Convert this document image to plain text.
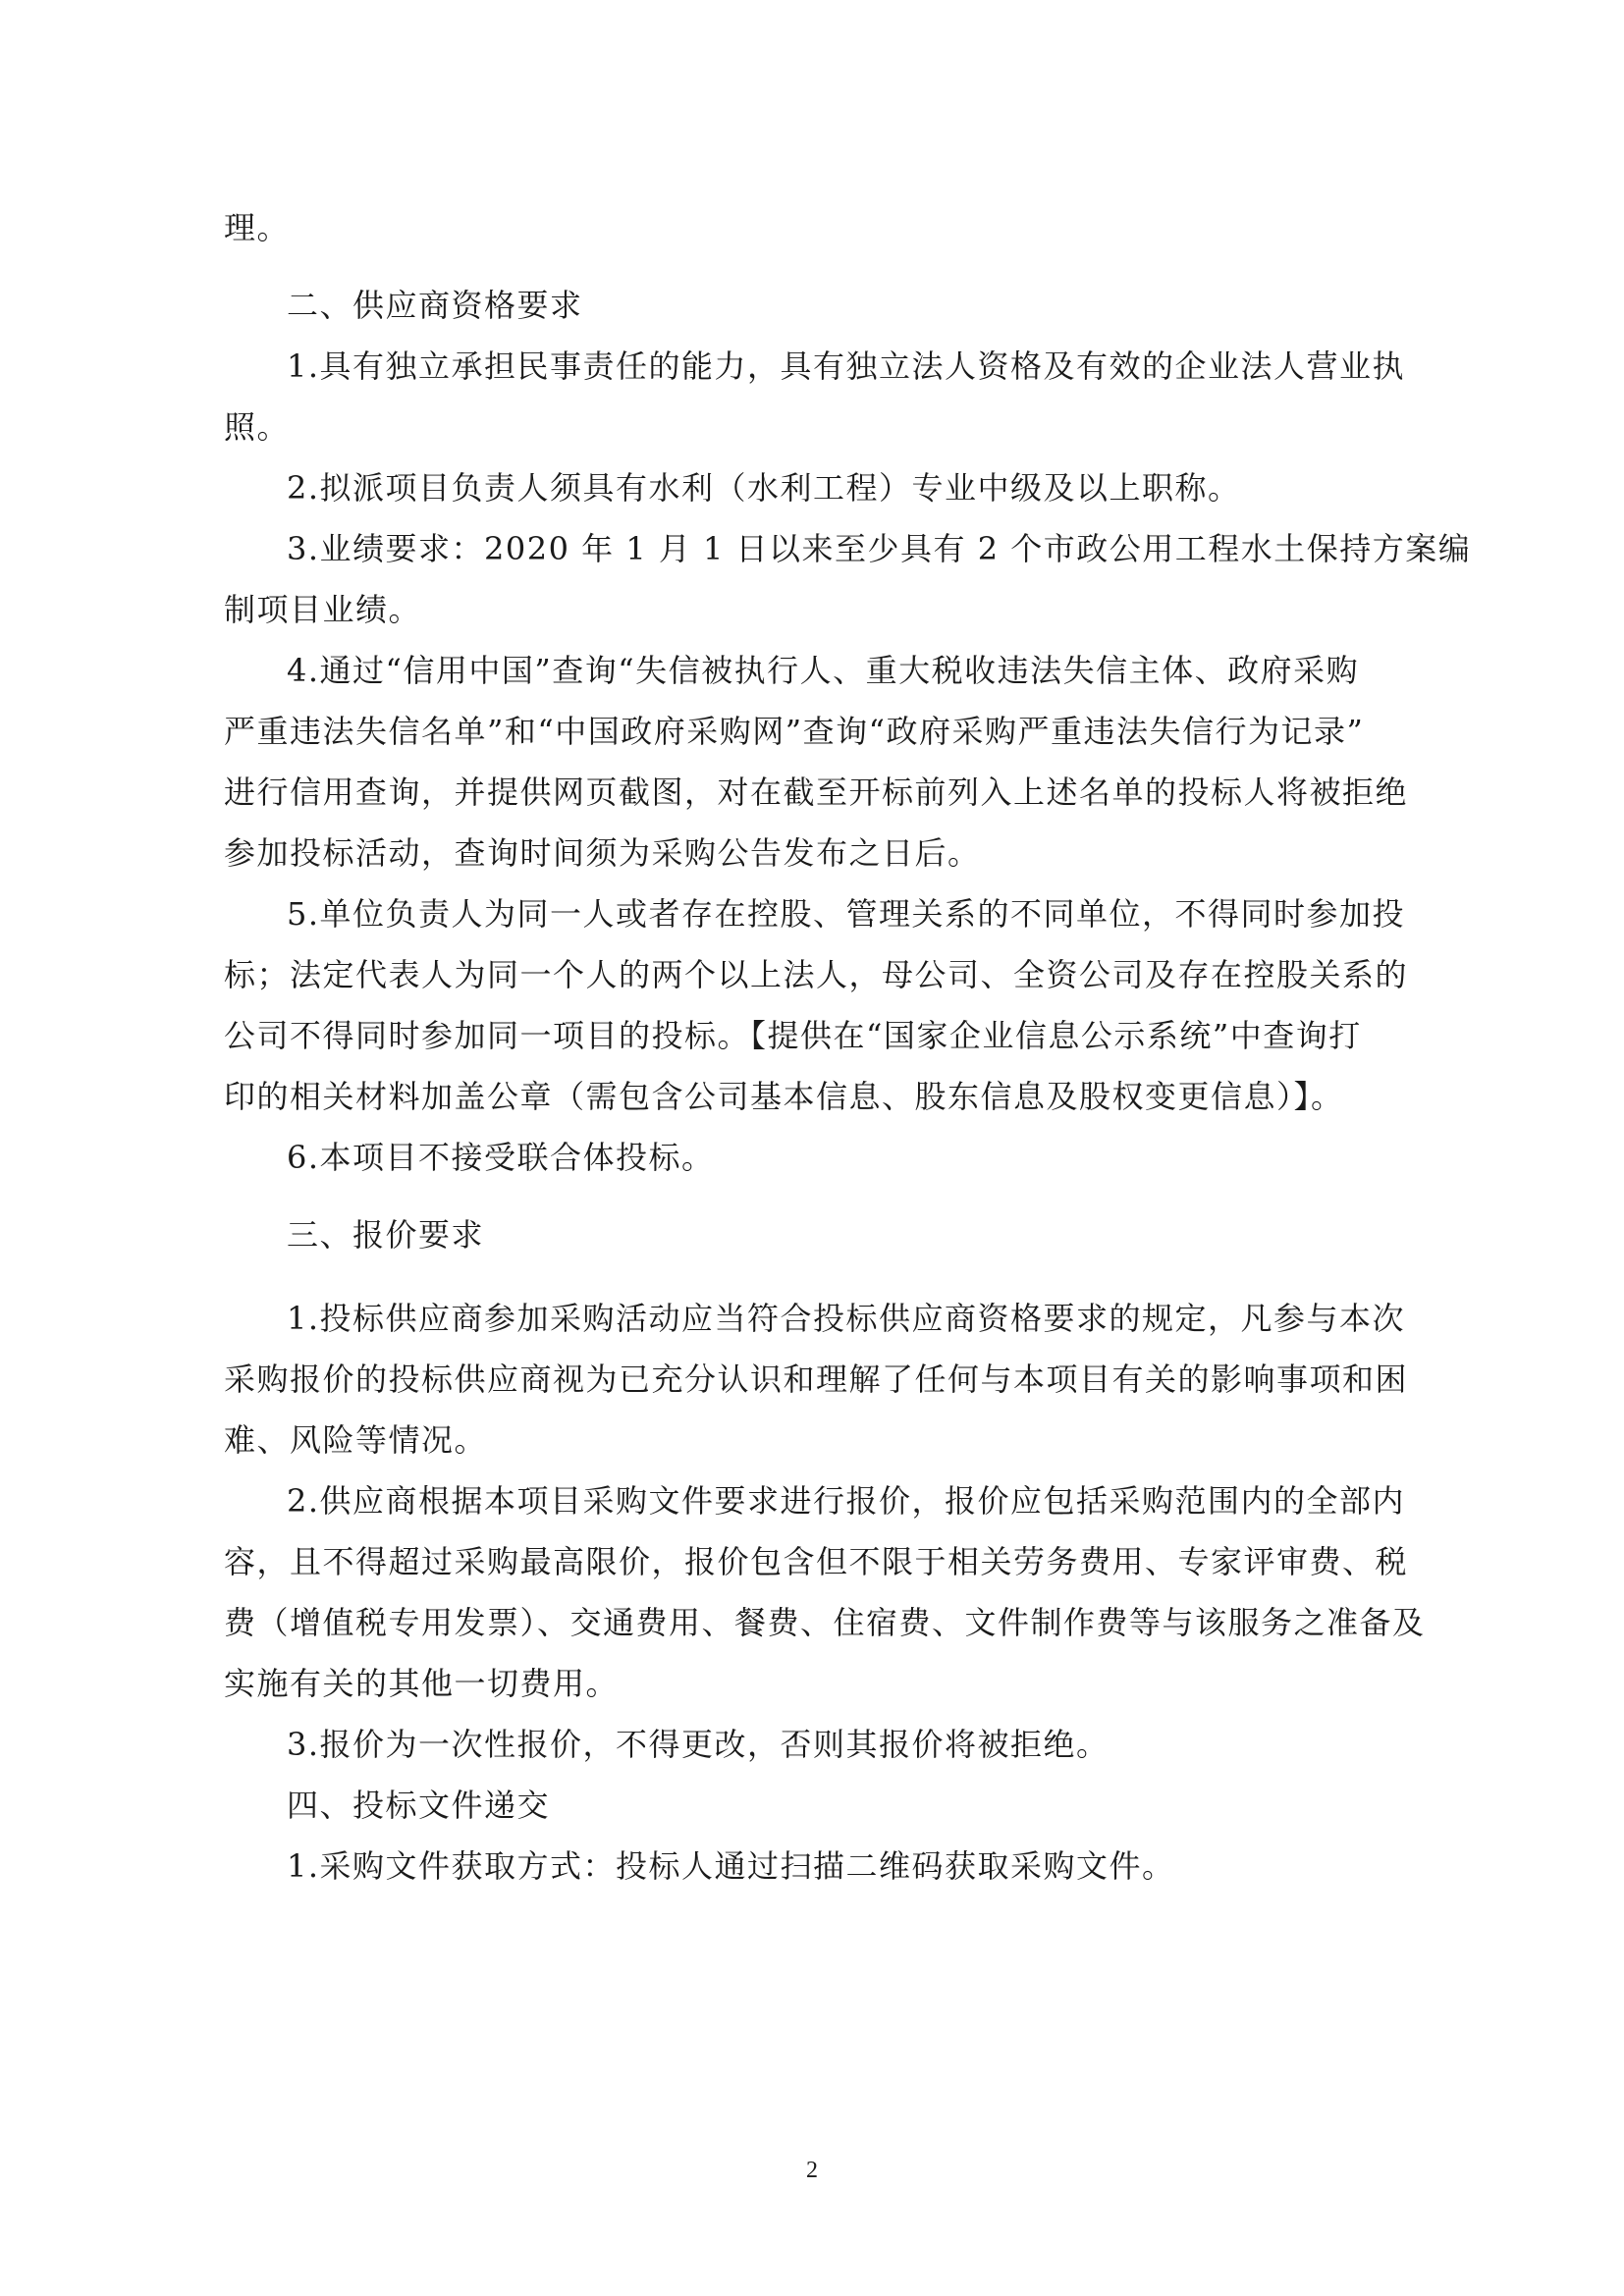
理。
二、供应商资格要求
1.具有独立承担民事责任的能力，具有独立法人资格及有效的企业法人营业执
照。
2.拟派项目负责人须具有水利（水利工程）专业中级及以上职称。
3.业绩要求：2020 年 1 月 1 日以来至少具有 2 个市政公用工程水土保持方案编
制项目业绩。
4.通过“信用中国”查询“失信被执行人、重大税收违法失信主体、政府采购
严重违法失信名单”和“中国政府采购网”查询“政府采购严重违法失信行为记录”
进行信用查询，并提供网页截图，对在截至开标前列入上述名单的投标人将被拒绝
参加投标活动，查询时间须为采购公告发布之日后。
5.单位负责人为同一人或者存在控股、管理关系的不同单位，不得同时参加投
标；法定代表人为同一个人的两个以上法人，母公司、全资公司及存在控股关系的
公司不得同时参加同一项目的投标。【提供在“国家企业信息公示系统”中查询打
印的相关材料加盖公章（需包含公司基本信息、股东信息及股权变更信息）】。
6.本项目不接受联合体投标。
三、报价要求
1.投标供应商参加采购活动应当符合投标供应商资格要求的规定，凡参与本次
采购报价的投标供应商视为已充分认识和理解了任何与本项目有关的影响事项和困
难、风险等情况。
2.供应商根据本项目采购文件要求进行报价，报价应包括采购范围内的全部内
容，且不得超过采购最高限价，报价包含但不限于相关劳务费用、专家评审费、税
费（增值税专用发票）、交通费用、餐费、住宿费、文件制作费等与该服务之准备及
实施有关的其他一切费用。
3.报价为一次性报价，不得更改，否则其报价将被拒绝。
四、投标文件递交
1.采购文件获取方式：投标人通过扫描二维码获取采购文件。
2
